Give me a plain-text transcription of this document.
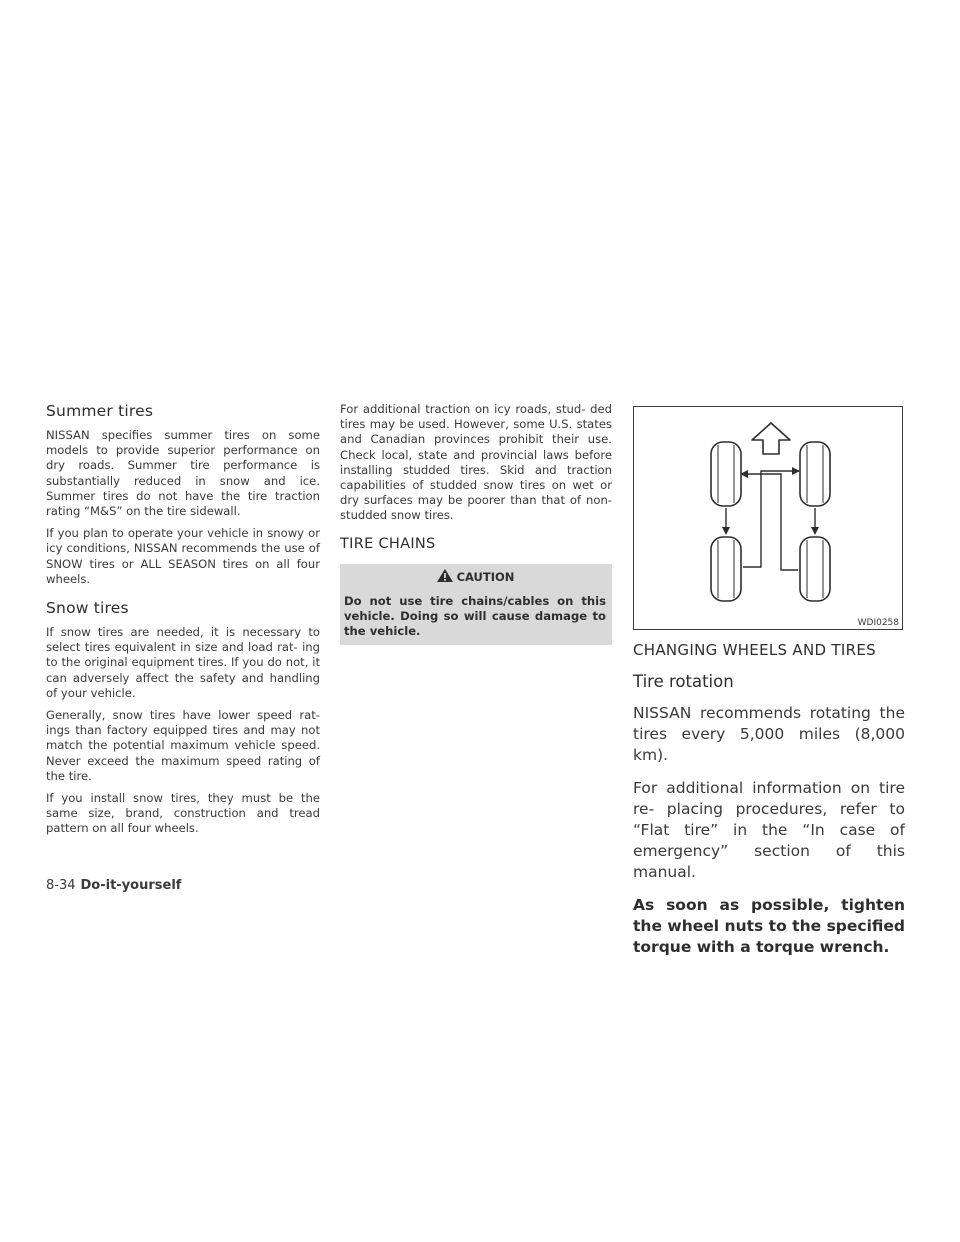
Summer tires

NISSAN specifies summer tires on some models to provide superior performance on dry roads. Summer tire performance is substantially reduced in snow and ice. Summer tires do not have the tire traction rating “M&S” on the tire sidewall.

If you plan to operate your vehicle in snowy or icy conditions, NISSAN recommends the use of SNOW tires or ALL SEASON tires on all four wheels.

Snow tires

If snow tires are needed, it is necessary to select tires equivalent in size and load rat- ing to the original equipment tires. If you do not, it can adversely affect the safety and handling of your vehicle.

Generally, snow tires have lower speed rat- ings than factory equipped tires and may not match the potential maximum vehicle speed. Never exceed the maximum speed rating of the tire.

If you install snow tires, they must be the same size, brand, construction and tread pattern on all four wheels.

For additional traction on icy roads, stud- ded tires may be used. However, some U.S. states and Canadian provinces prohibit their use. Check local, state and provincial laws before installing studded tires. Skid and traction capabilities of studded snow tires on wet or dry surfaces may be poorer than that of non-studded snow tires.

TIRE CHAINS
CAUTION

Do not use tire chains/cables on this vehicle. Doing so will cause damage to the vehicle.

WDI0258
CHANGING WHEELS AND TIRES
Tire rotation

NISSAN recommends rotating the tires every 5,000 miles (8,000 km).

For additional information on tire re- placing procedures, refer to “Flat tire” in the “In case of emergency” section of this manual.

As soon as possible, tighten the wheel nuts to the specified torque with a torque wrench.

8-34 Do-it-yourself
